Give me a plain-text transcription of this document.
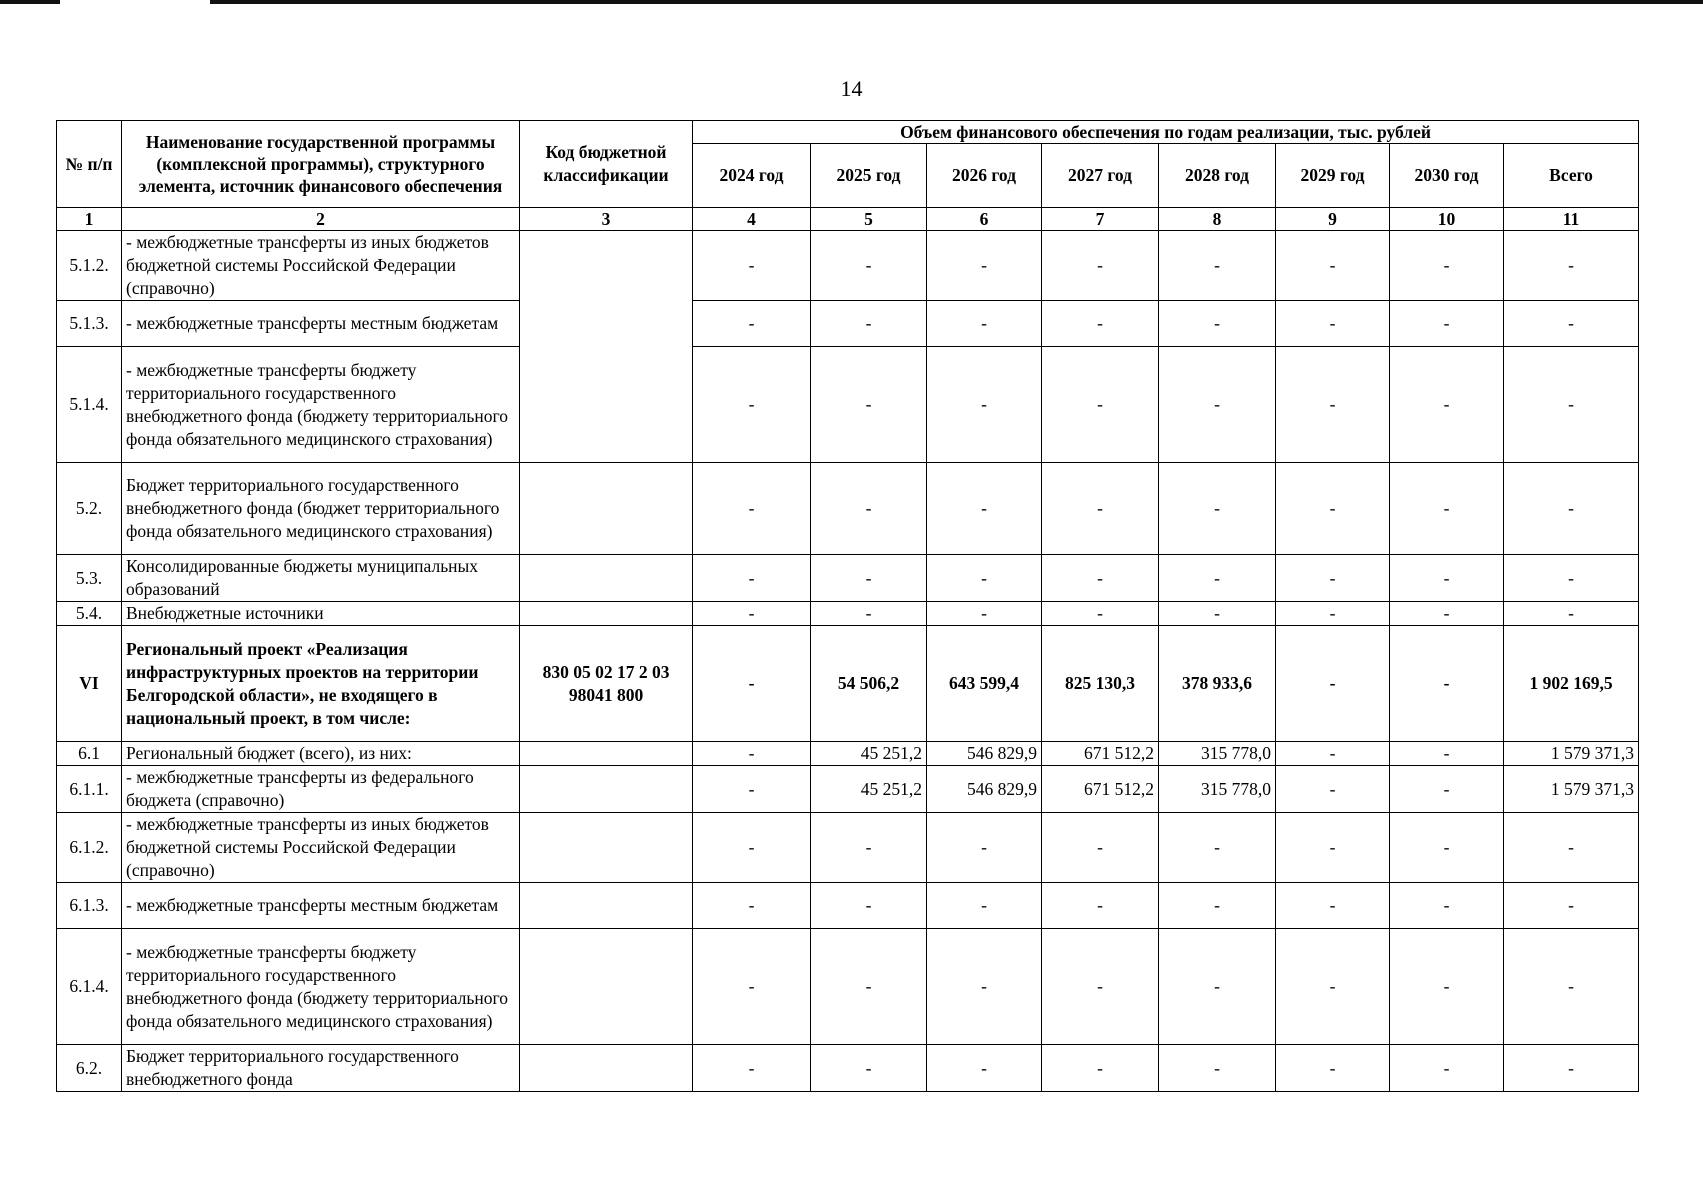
14
№ п/п	Наименование государственной программы (комплексной программы), структурного элемента, источник финансового обеспечения	Код бюджетной классификации	Объем финансового обеспечения по годам реализации, тыс. рублей							
			2024 год	2025 год	2026 год	2027 год	2028 год	2029 год	2030 год	Всего
1	2	3	4	5	6	7	8	9	10	11
5.1.2.	- межбюджетные трансферты из иных бюджетов бюджетной системы Российской Федерации (справочно)		-	-	-	-	-	-	-	-
5.1.3.	- межбюджетные трансферты местным бюджетам		-	-	-	-	-	-	-	-
5.1.4.	- межбюджетные трансферты бюджету территориального государственного внебюджетного фонда (бюджету территориального фонда обязательного медицинского страхования)		-	-	-	-	-	-	-	-
5.2.	Бюджет территориального государственного внебюджетного фонда (бюджет территориального фонда обязательного медицинского страхования)		-	-	-	-	-	-	-	-
5.3.	Консолидированные бюджеты муниципальных образований		-	-	-	-	-	-	-	-
5.4.	Внебюджетные источники		-	-	-	-	-	-	-	-
VI	Региональный проект «Реализация инфраструктурных проектов на территории Белгородской области», не входящего в национальный проект, в том числе:	830 05 02 17 2 03 98041 800	-	54 506,2	643 599,4	825 130,3	378 933,6	-	-	1 902 169,5
6.1	Региональный бюджет (всего), из них:		-	45 251,2	546 829,9	671 512,2	315 778,0	-	-	1 579 371,3
6.1.1.	- межбюджетные трансферты из федерального бюджета (справочно)		-	45 251,2	546 829,9	671 512,2	315 778,0	-	-	1 579 371,3
6.1.2.	- межбюджетные трансферты из иных бюджетов бюджетной системы Российской Федерации (справочно)		-	-	-	-	-	-	-	-
6.1.3.	- межбюджетные трансферты местным бюджетам		-	-	-	-	-	-	-	-
6.1.4.	- межбюджетные трансферты бюджету территориального государственного внебюджетного фонда (бюджету территориального фонда обязательного медицинского страхования)		-	-	-	-	-	-	-	-
6.2.	Бюджет территориального государственного внебюджетного фонда		-	-	-	-	-	-	-	-
